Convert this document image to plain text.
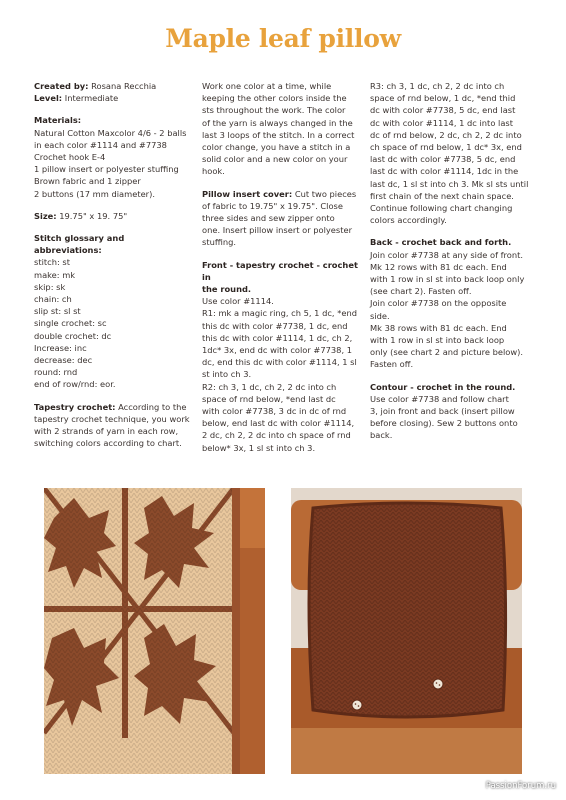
Maple leaf pillow

Created by: Rosana Recchia

Level: Intermediate

Materials:
Natural Cotton Maxcolor 4/6 - 2 balls
in each color #1114 and #7738
Crochet hook E-4
1 pillow insert or polyester stuffing
Brown fabric and 1 zipper
2 buttons (17 mm diameter).

Size: 19.75" x 19. 75"

Stitch glossary and abbreviations:
stitch: st
make: mk
skip: sk
chain: ch
slip st: sl st
single crochet: sc
double crochet: dc
Increase: inc
decrease: dec
round: rnd
end of row/rnd: eor.

Tapestry crochet: According to the
tapestry crochet technique, you work
with 2 strands of yarn in each row,
switching colors according to chart.

Work one color at a time, while
keeping the other colors inside the
sts throughout the work. The color
of the yarn is always changed in the
last 3 loops of the stitch. In a correct
color change, you have a stitch in a
solid color and a new color on your
hook.

Pillow insert cover: Cut two pieces
of fabric to 19.75" x 19.75". Close
three sides and sew zipper onto
one. Insert pillow insert or polyester
stuffing.

Front - tapestry crochet - crochet in
the round.
Use color #1114.
R1: mk a magic ring, ch 5, 1 dc, *end
this dc with color #7738, 1 dc, end
this dc with color #1114, 1 dc, ch 2,
1dc* 3x, end dc with color #7738, 1
dc, end this dc with color #1114, 1 sl
st into ch 3.
R2: ch 3, 1 dc, ch 2, 2 dc into ch
space of rnd below, *end last dc
with color #7738, 3 dc in dc of rnd
below, end last dc with color #1114,
2 dc, ch 2, 2 dc into ch space of rnd
below* 3x, 1 sl st into ch 3.

R3: ch 3, 1 dc, ch 2, 2 dc into ch
space of rnd below, 1 dc, *end thid
dc with color #7738, 5 dc, end last
dc with color #1114, 1 dc into last
dc of rnd below, 2 dc, ch 2, 2 dc into
ch space of rnd below, 1 dc* 3x, end
last dc with color #7738, 5 dc, end
last dc with color #1114, 1dc in the
last dc, 1 sl st into ch 3. Mk sl sts until
first chain of the next chain space.
Continue following chart changing
colors accordingly.

Back - crochet back and forth.
Join color #7738 at any side of front.
Mk 12 rows with 81 dc each. End
with 1 row in sl st into back loop only
(see chart 2). Fasten off.
Join color #7738 on the opposite
side.
Mk 38 rows with 81 dc each. End
with 1 row in sl st into back loop
only (see chart 2 and picture below).
Fasten off.

Contour - crochet in the round.
Use color #7738 and follow chart
3, join front and back (insert pillow
before closing). Sew 2 buttons onto
back.

PassionForum.ru
